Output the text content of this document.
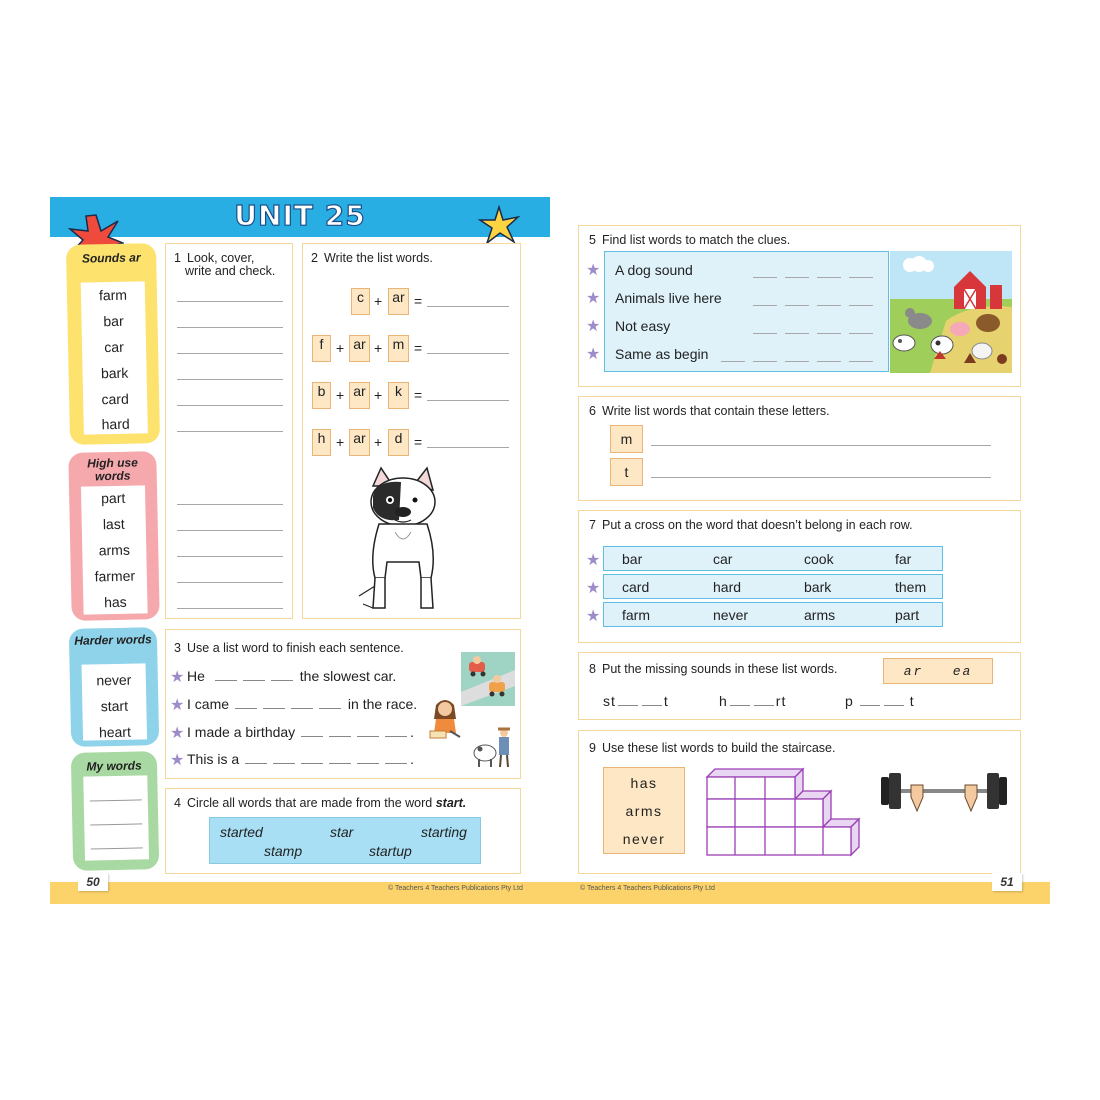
UNIT 25
Sounds ar
farm
bar
car
bark
card
hard
High use words
part
last
arms
farmer
has
Harder words
never
start
heart
My words
1 Look, cover,
write and check.
2 Write the list words.
c + ar =
f + ar + m =
b + ar + k =
h + ar + d =
3 Use a list word to finish each sentence.
★ He	the slowest car.
★ I came	in the race.
★ I made a birthday	.
★ This is a	.
4 Circle all words that are made from the word start.
started	star	starting
stamp	startup
50	© Teachers 4 Teachers Publications Pty Ltd
5 Find list words to match the clues.
★
★
★
★
A dog sound
Animals live here
Not easy
Same as begin
6 Write list words that contain these letters.
m
t
7 Put a cross on the word that doesn’t belong in each row.
★ bar	car	cook	far
★ card	hard	bark	them
★ farm	never	arms	part
8 Put the missing sounds in these list words.	ar   ea
st	t	h	rt	p	t
9 Use these list words to build the staircase.
has
arms
never
51
© Teachers 4 Teachers Publications Pty Ltd
